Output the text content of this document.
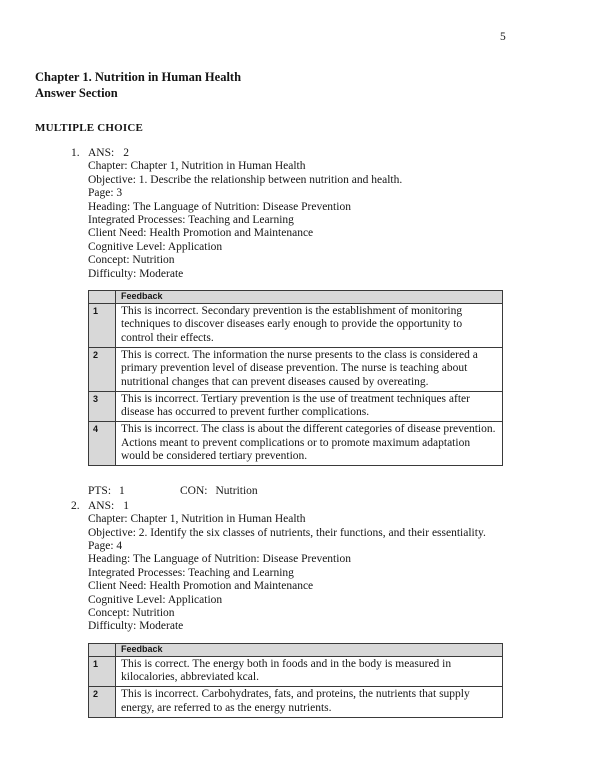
5
Chapter 1. Nutrition in Human Health
Answer Section
MULTIPLE CHOICE
1. ANS: 2
Chapter: Chapter 1, Nutrition in Human Health
Objective: 1. Describe the relationship between nutrition and health.
Page: 3
Heading: The Language of Nutrition: Disease Prevention
Integrated Processes: Teaching and Learning
Client Need: Health Promotion and Maintenance
Cognitive Level: Application
Concept: Nutrition
Difficulty: Moderate
	Feedback
1	This is incorrect. Secondary prevention is the establishment of monitoring techniques to discover diseases early enough to provide the opportunity to control their effects.
2	This is correct. The information the nurse presents to the class is considered a primary prevention level of disease prevention. The nurse is teaching about nutritional changes that can prevent diseases caused by overeating.
3	This is incorrect. Tertiary prevention is the use of treatment techniques after disease has occurred to prevent further complications.
4	This is incorrect. The class is about the different categories of disease prevention. Actions meant to prevent complications or to promote maximum adaptation would be considered tertiary prevention.
PTS: 1	CON: Nutrition
2. ANS: 1
Chapter: Chapter 1, Nutrition in Human Health
Objective: 2. Identify the six classes of nutrients, their functions, and their essentiality.
Page: 4
Heading: The Language of Nutrition: Disease Prevention
Integrated Processes: Teaching and Learning
Client Need: Health Promotion and Maintenance
Cognitive Level: Application
Concept: Nutrition
Difficulty: Moderate
	Feedback
1	This is correct. The energy both in foods and in the body is measured in kilocalories, abbreviated kcal.
2	This is incorrect. Carbohydrates, fats, and proteins, the nutrients that supply energy, are referred to as the energy nutrients.
